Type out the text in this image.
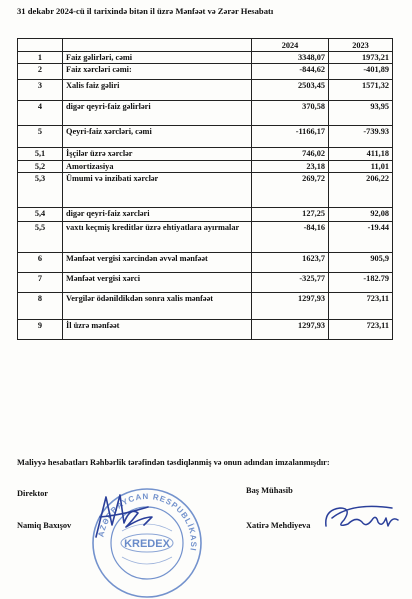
31 dekabr 2024-cü il tarixində bitən il üzrə Mənfəət və Zərər Hesabatı
		2024	2023
1	Faiz gəlirləri, cəmi	3348,07	1973,21
2	Faiz xərcləri cəmi:	-844,62	-401,89
3	Xalis faiz gəliri	2503,45	1571,32
4	digər qeyri-faiz gəlirləri	370,58	93,95
5	Qeyri-faiz xərcləri, cəmi	-1166,17	-739.93
5,1	İşçilər üzrə xərclər	746,02	411,18
5,2	Amortizasiya	23,18	11,01
5,3	Ümumi və inzibati xərclər	269,72	206,22
5,4	digər qeyri-faiz xərcləri	127,25	92,08
5,5	vaxtı keçmiş kreditlər üzrə ehtiyatlara ayırmalar	-84,16	-19.44
6	Mənfəət vergisi xərcindən əvvəl mənfəət	1623,7	905,9
7	Mənfəət vergisi xərci	-325,77	-182.79
8	Vergilər ödənildikdən sonra xalis mənfəət	1297,93	723,11
9	İl üzrə mənfəət	1297,93	723,11
Maliyyə hesabatları Rəhbərlik tərəfindən təsdiqlənmiş və onun adından imzalanmışdır:
Direktor	Baş Mühasib
Namiq Baxışov	Xatirə Mehdiyeva
AZƏRBAYCAN RESPUBLİKASI
KREDEX
